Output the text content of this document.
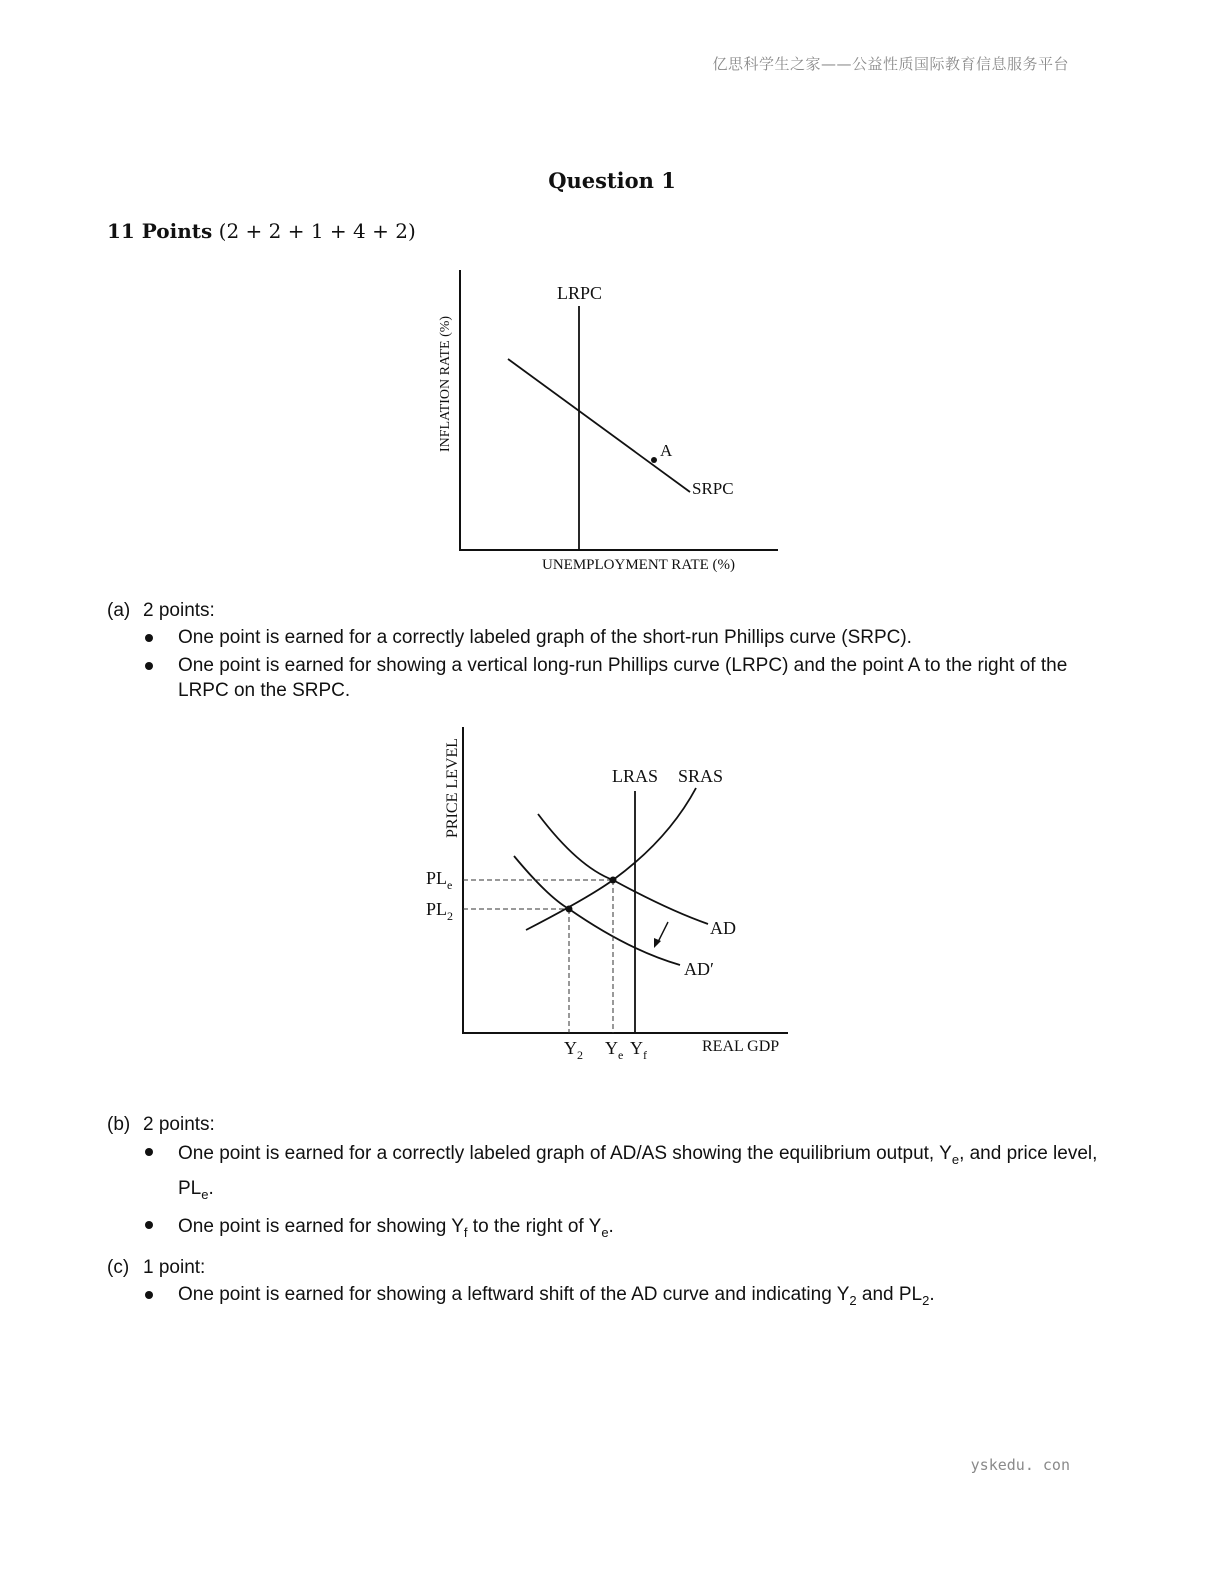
亿思科学生之家——公益性质国际教育信息服务平台
Question 1
11 Points (2 + 2 + 1 + 4 + 2)
LRPC
A
SRPC
INFLATION RATE (%)
UNEMPLOYMENT RATE (%)
(a) 2 points:
One point is earned for a correctly labeled graph of the short-run Phillips curve (SRPC).
One point is earned for showing a vertical long-run Phillips curve (LRPC) and the point A to the right of the LRPC on the SRPC.
LRAS SRAS
AD
AD′
PRICE LEVEL
REAL GDP
$PL_e$
$PL_2$
$Y_2$ $Y_e$ $Y_f$
(b) 2 points:
One point is earned for a correctly labeled graph of AD/AS showing the equilibrium output, $Y_e$, and price level, $PL_e$.
One point is earned for showing $Y_f$ to the right of $Y_e$.
(c) 1 point:
One point is earned for showing a leftward shift of the AD curve and indicating $Y_2$ and $PL_2$.
yskedu. con
